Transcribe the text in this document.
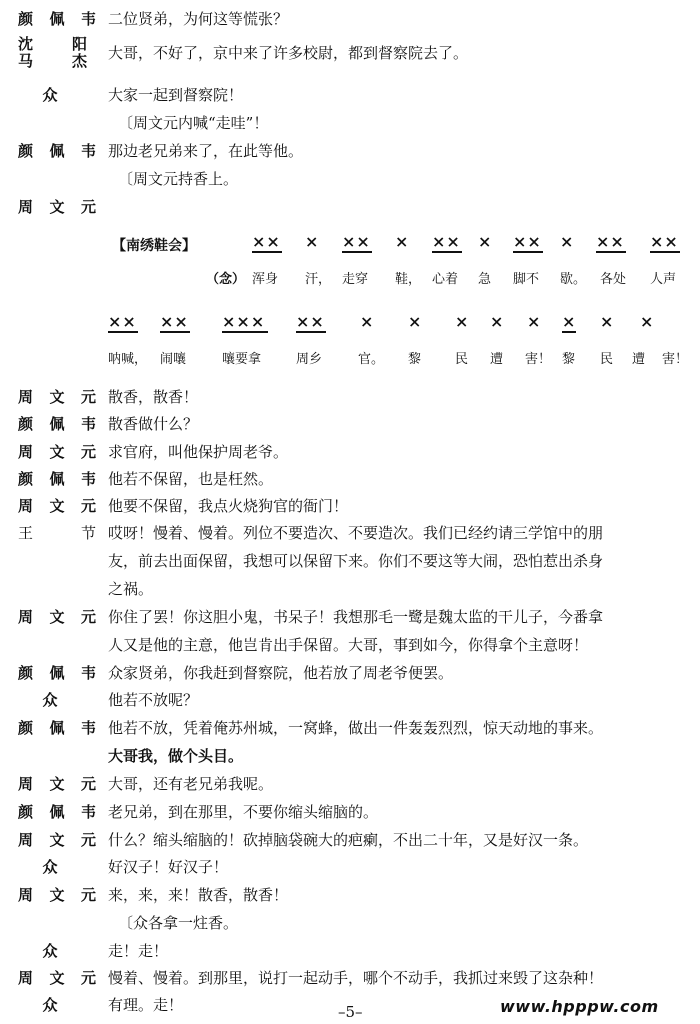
颜佩韦 二位贤弟，为何这等慌张？
沈	阳
马	杰 大哥，不好了，京中来了许多校尉，都到督察院去了。
众	大家一起到督察院！
〔周文元内喊“走哇”！
颜佩韦 那边老兄弟来了，在此等他。
〔周文元持香上。
周文元
【南绣鞋会】	×× × ×× × ×× × ×× × ×× ××
（念） 浑身 汗， 走穿 鞋， 心着 急 脚不 歇。 各处 人声
×× ×× ××× ×× × × × × × × × ×
呐喊， 闹嚷	嚷要拿	周乡	官。 黎	民 遭 害！ 黎 民 遭 害！
周文元 散香，散香！
颜佩韦 散香做什么？
周文元 求官府，叫他保护周老爷。
颜佩韦 他若不保留，也是枉然。
周文元 他要不保留，我点火烧狗官的衙门！
王节 哎呀！慢着、慢着。列位不要造次、不要造次。我们已经约请三学馆中的朋
友，前去出面保留，我想可以保留下来。你们不要这等大闹，恐怕惹出杀身
之祸。
周文元 你住了罢！你这胆小鬼，书呆子！我想那毛一鹭是魏太监的干儿子，今番拿
人又是他的主意，他岂肯出手保留。大哥，事到如今，你得拿个主意呀！
颜佩韦 众家贤弟，你我赶到督察院，他若放了周老爷便罢。
众	他若不放呢？
颜佩韦 他若不放，凭着俺苏州城，一窝蜂，做出一件轰轰烈烈，惊天动地的事来。
大哥我，做个头目。
周文元 大哥，还有老兄弟我呢。
颜佩韦 老兄弟，到在那里，不要你缩头缩脑的。
周文元 什么？缩头缩脑的！砍掉脑袋碗大的疤瘌，不出二十年，又是好汉一条。
众	好汉子！好汉子！
周文元 来，来，来！散香，散香！
〔众各拿一炷香。
众	走！走！
周文元 慢着、慢着。到那里，说打一起动手，哪个不动手，我抓过来毁了这杂种！
众	有理。走！	–5–	www.hpppw.com
